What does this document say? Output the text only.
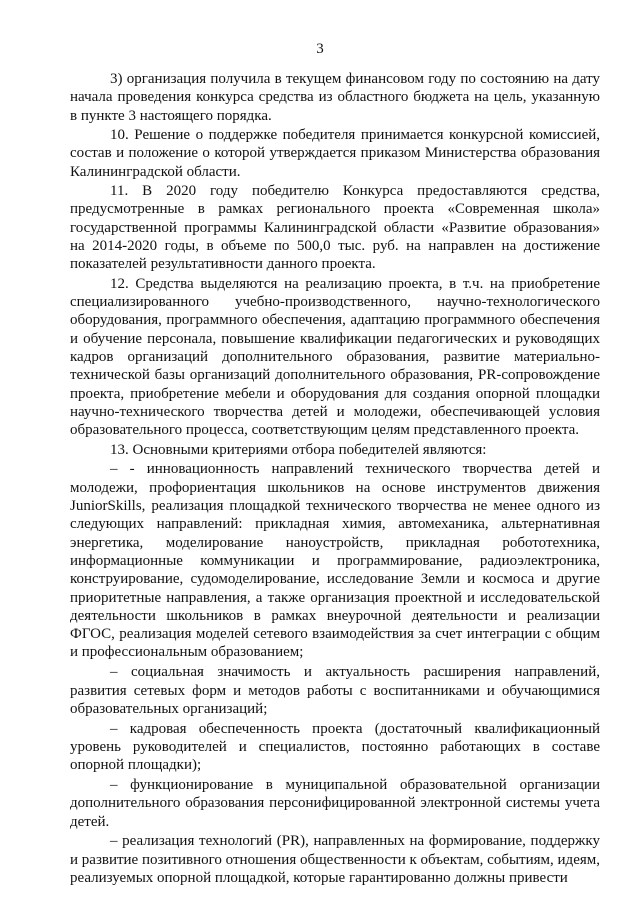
3

3) организация получила в текущем финансовом году по состоянию на дату начала проведения конкурса средства из областного бюджета на цель, указанную в пункте 3 настоящего порядка.

10. Решение о поддержке победителя принимается конкурсной комиссией, состав и положение о которой утверждается приказом Министерства образования Калининградской области.

11. В 2020 году победителю Конкурса предоставляются средства, предусмотренные в рамках регионального проекта «Современная школа» государственной программы Калининградской области «Развитие образования» на 2014-2020 годы, в объеме по 500,0 тыс. руб. на направлен на достижение показателей результативности данного проекта.

12. Средства выделяются на реализацию проекта, в т.ч. на приобретение специализированного учебно-производственного, научно-технологического оборудования, программного обеспечения, адаптацию программного обеспечения и обучение персонала, повышение квалификации педагогических и руководящих кадров организаций дополнительного образования, развитие материально-технической базы организаций дополнительного образования, PR-сопровождение проекта, приобретение мебели и оборудования для создания опорной площадки научно-технического творчества детей и молодежи, обеспечивающей условия образовательного процесса, соответствующим целям представленного проекта.

13. Основными критериями отбора победителей являются:

– - инновационность направлений технического творчества детей и молодежи, профориентация школьников на основе инструментов движения JuniorSkills, реализация площадкой технического творчества не менее одного из следующих направлений: прикладная химия, автомеханика, альтернативная энергетика, моделирование наноустройств, прикладная робототехника, информационные коммуникации и программирование, радиоэлектроника, конструирование, судомоделирование, исследование Земли и космоса и другие приоритетные направления, а также организация проектной и исследовательской деятельности школьников в рамках внеурочной деятельности и реализации ФГОС, реализация моделей сетевого взаимодействия за счет интеграции с общим и профессиональным образованием;

– социальная значимость и актуальность расширения направлений, развития сетевых форм и методов работы с воспитанниками и обучающимися образовательных организаций;

– кадровая обеспеченность проекта (достаточный квалификационный уровень руководителей и специалистов, постоянно работающих в составе опорной площадки);

– функционирование в муниципальной образовательной организации дополнительного образования персонифицированной электронной системы учета детей.

– реализация технологий (PR), направленных на формирование, поддержку и развитие позитивного отношения общественности к объектам, событиям, идеям, реализуемых опорной площадкой, которые гарантированно должны привести
